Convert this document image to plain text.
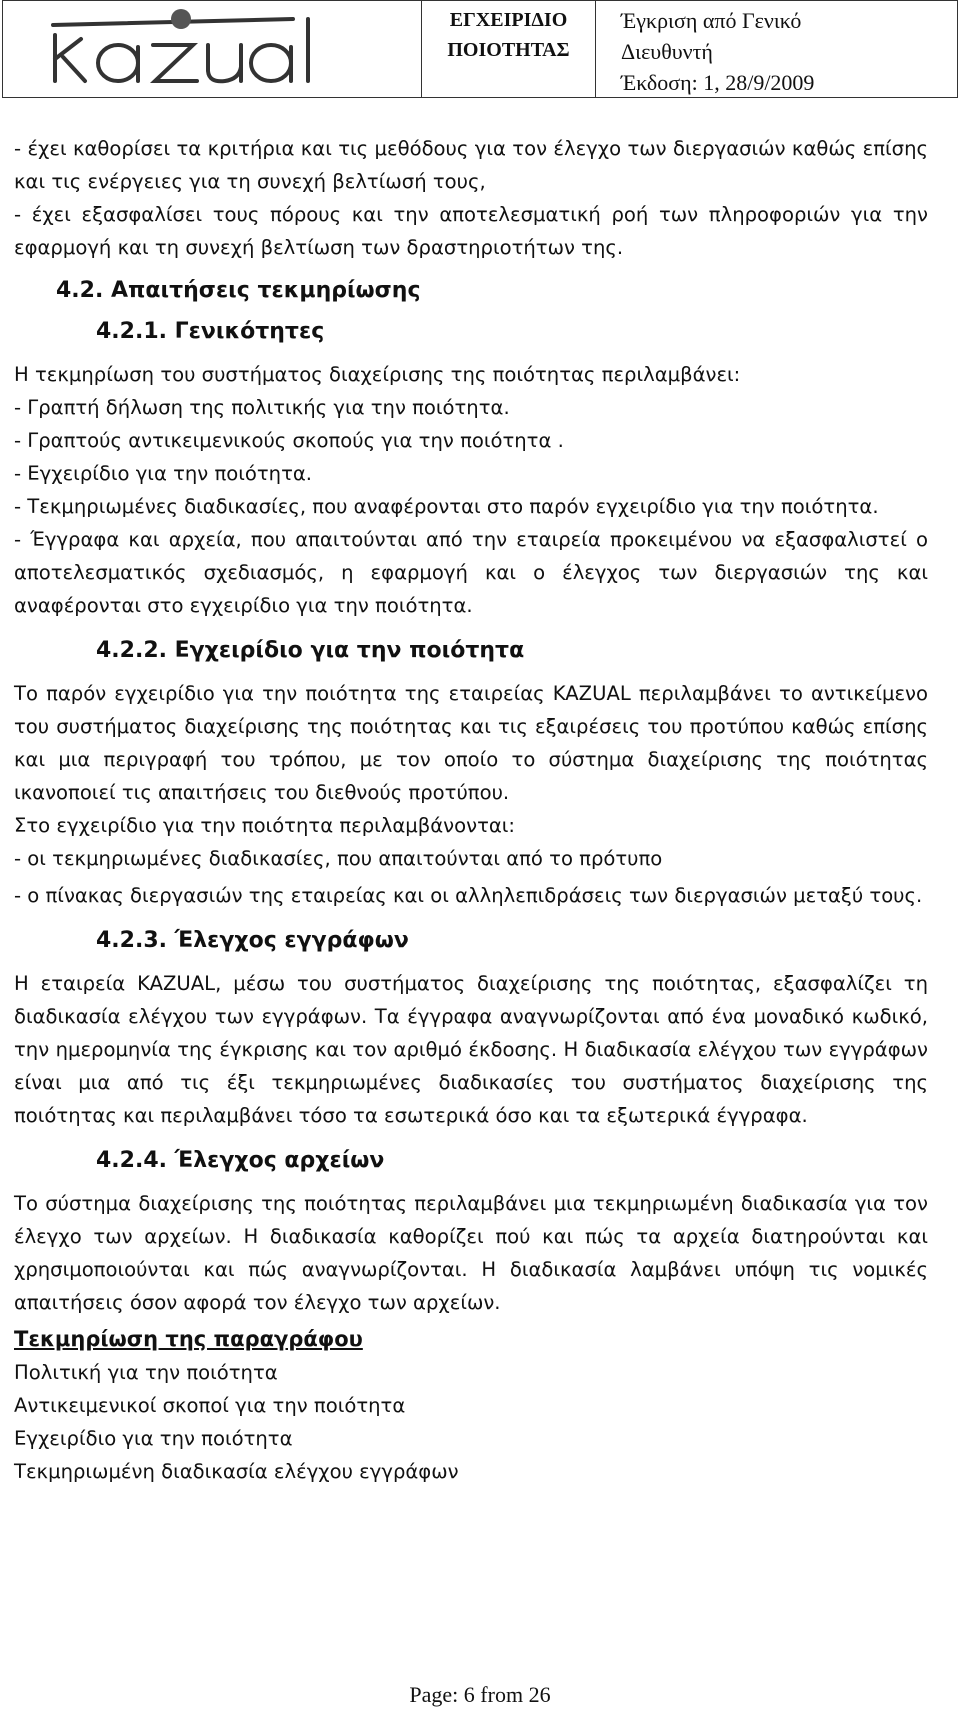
ΕΓΧΕΙΡΙΔΙΟ
ΠΟΙΟΤΗΤΑΣ
Έγκριση από Γενικό
Διευθυντή
Έκδοση: 1, 28/9/2009

- έχει καθορίσει τα κριτήρια και τις μεθόδους για τον έλεγχο των διεργασιών καθώς επίσης και τις ενέργειες για τη συνεχή βελτίωσή τους,

- έχει εξασφαλίσει τους πόρους και την αποτελεσματική ροή των πληροφοριών για την εφαρμογή και τη συνεχή βελτίωση των δραστηριοτήτων της.

4.2. Απαιτήσεις τεκμηρίωσης

4.2.1. Γενικότητες

Η τεκμηρίωση του συστήματος διαχείρισης της ποιότητας περιλαμβάνει:

- Γραπτή δήλωση της πολιτικής για την ποιότητα.

- Γραπτούς αντικειμενικούς σκοπούς για την ποιότητα .

- Εγχειρίδιο για την ποιότητα.

- Τεκμηριωμένες διαδικασίες, που αναφέρονται στο παρόν εγχειρίδιο για την ποιότητα.

- Έγγραφα και αρχεία, που απαιτούνται από την εταιρεία προκειμένου να εξασφαλιστεί ο αποτελεσματικός σχεδιασμός, η εφαρμογή και ο έλεγχος των διεργασιών της και αναφέρονται στο εγχειρίδιο για την ποιότητα.

4.2.2. Εγχειρίδιο για την ποιότητα

Το παρόν εγχειρίδιο για την ποιότητα της εταιρείας KAZUAL περιλαμβάνει το αντικείμενο του συστήματος διαχείρισης της ποιότητας και τις εξαιρέσεις του προτύπου καθώς επίσης και μια περιγραφή του τρόπου, με τον οποίο το σύστημα διαχείρισης της ποιότητας ικανοποιεί τις απαιτήσεις του διεθνούς προτύπου.

Στο εγχειρίδιο για την ποιότητα περιλαμβάνονται:

- οι τεκμηριωμένες διαδικασίες, που απαιτούνται από το πρότυπο

- ο πίνακας διεργασιών της εταιρείας και οι αλληλεπιδράσεις των διεργασιών μεταξύ τους.

4.2.3. Έλεγχος εγγράφων

Η εταιρεία KAZUAL, μέσω του συστήματος διαχείρισης της ποιότητας, εξασφαλίζει τη διαδικασία ελέγχου των εγγράφων. Τα έγγραφα αναγνωρίζονται από ένα μοναδικό κωδικό, την ημερομηνία της έγκρισης και τον αριθμό έκδοσης. Η διαδικασία ελέγχου των εγγράφων είναι μια από τις έξι τεκμηριωμένες διαδικασίες του συστήματος διαχείρισης της ποιότητας και περιλαμβάνει τόσο τα εσωτερικά όσο και τα εξωτερικά έγγραφα.

4.2.4. Έλεγχος αρχείων

Το σύστημα διαχείρισης της ποιότητας περιλαμβάνει μια τεκμηριωμένη διαδικασία για τον έλεγχο των αρχείων. Η διαδικασία καθορίζει πού και πώς τα αρχεία διατηρούνται και χρησιμοποιούνται και πώς αναγνωρίζονται. Η διαδικασία λαμβάνει υπόψη τις νομικές απαιτήσεις όσον αφορά τον έλεγχο των αρχείων.

Τεκμηρίωση της παραγράφου

Πολιτική για την ποιότητα

Αντικειμενικοί σκοποί για την ποιότητα

Εγχειρίδιο για την ποιότητα

Τεκμηριωμένη διαδικασία ελέγχου εγγράφων

Page: 6 from 26
